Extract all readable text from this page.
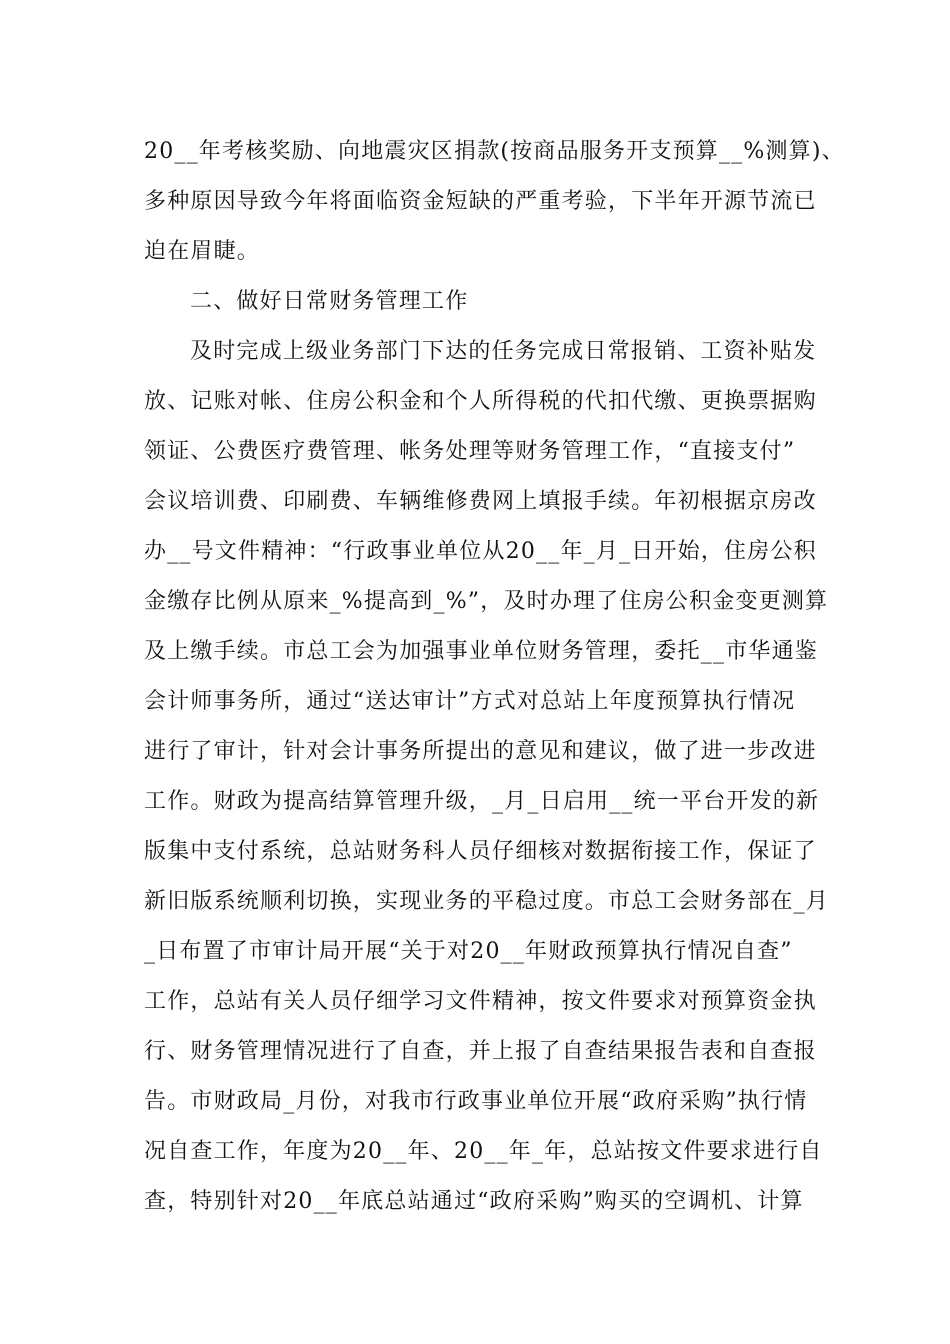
20__年考核奖励、向地震灾区捐款(按商品服务开支预算__%测算)、

多种原因导致今年将面临资金短缺的严重考验，下半年开源节流已

迫在眉睫。

二、做好日常财务管理工作

及时完成上级业务部门下达的任务完成日常报销、工资补贴发

放、记账对帐、住房公积金和个人所得税的代扣代缴、更换票据购

领证、公费医疗费管理、帐务处理等财务管理工作，“直接支付”

会议培训费、印刷费、车辆维修费网上填报手续。年初根据京房改

办__号文件精神：“行政事业单位从20__年_月_日开始，住房公积

金缴存比例从原来_%提高到_%”，及时办理了住房公积金变更测算

及上缴手续。市总工会为加强事业单位财务管理，委托__市华通鉴

会计师事务所，通过“送达审计”方式对总站上年度预算执行情况

进行了审计，针对会计事务所提出的意见和建议，做了进一步改进

工作。财政为提高结算管理升级，_月_日启用__统一平台开发的新

版集中支付系统，总站财务科人员仔细核对数据衔接工作，保证了

新旧版系统顺利切换，实现业务的平稳过度。市总工会财务部在_月

_日布置了市审计局开展“关于对20__年财政预算执行情况自查”

工作，总站有关人员仔细学习文件精神，按文件要求对预算资金执

行、财务管理情况进行了自查，并上报了自查结果报告表和自查报

告。市财政局_月份，对我市行政事业单位开展“政府采购”执行情

况自查工作，年度为20__年、20__年_年，总站按文件要求进行自

查，特别针对20__年底总站通过“政府采购”购买的空调机、计算
